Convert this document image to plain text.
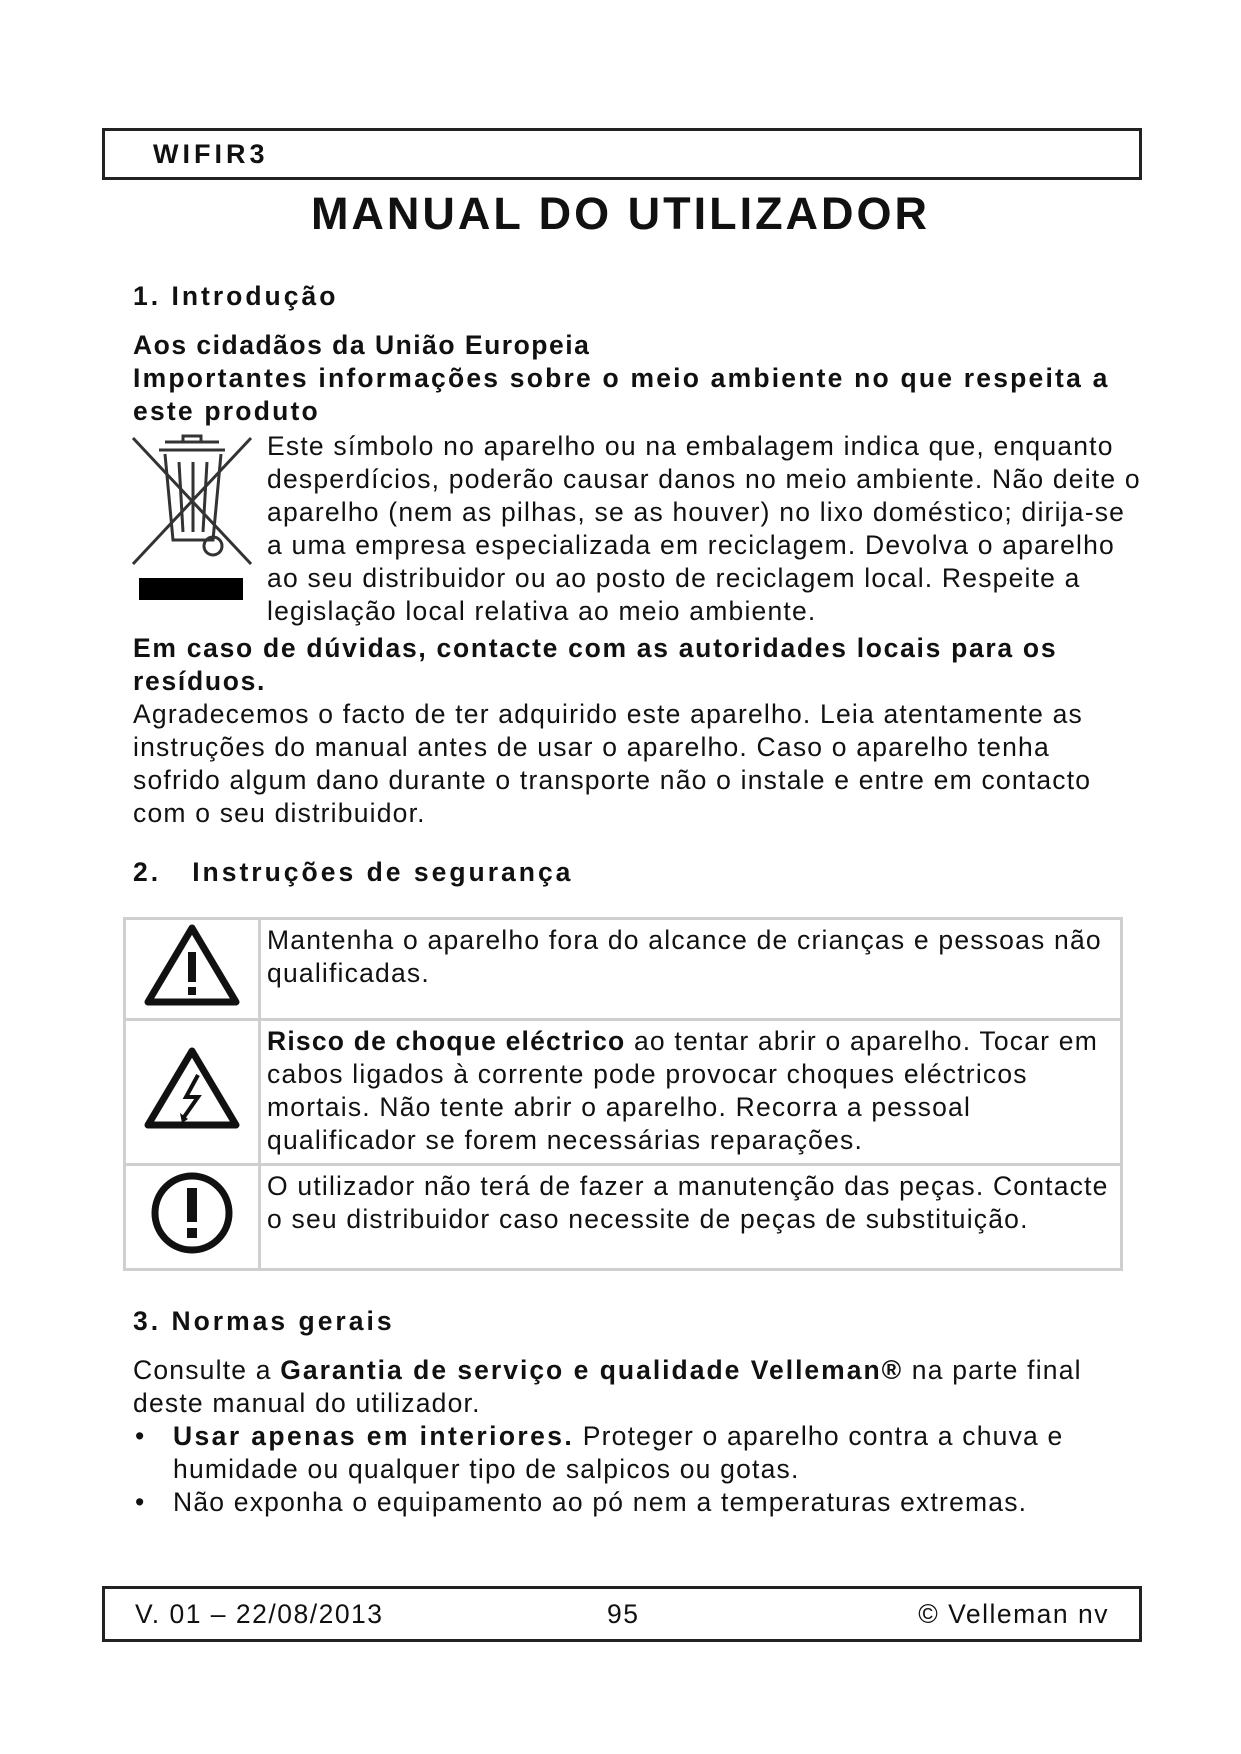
WIFIR3
MANUAL DO UTILIZADOR

1. Introdução

Aos cidadãos da União Europeia

Importantes informações sobre o meio ambiente no que respeita a este produto

Este símbolo no aparelho ou na embalagem indica que, enquanto desperdícios, poderão causar danos no meio ambiente. Não deite o aparelho (nem as pilhas, se as houver) no lixo doméstico; dirija-se a uma empresa especializada em reciclagem. Devolva o aparelho ao seu distribuidor ou ao posto de reciclagem local. Respeite a legislação local relativa ao meio ambiente.

Em caso de dúvidas, contacte com as autoridades locais para os resíduos.

Agradecemos o facto de ter adquirido este aparelho. Leia atentamente as instruções do manual antes de usar o aparelho. Caso o aparelho tenha sofrido algum dano durante o transporte não o instale e entre em contacto com o seu distribuidor.

2.   Instruções de segurança

	Mantenha o aparelho fora do alcance de crianças e pessoas não qualificadas.
	Risco de choque eléctrico ao tentar abrir o aparelho. Tocar em cabos ligados à corrente pode provocar choques eléctricos mortais. Não tente abrir o aparelho. Recorra a pessoal qualificador se forem necessárias reparações.
	O utilizador não terá de fazer a manutenção das peças. Contacte o seu distribuidor caso necessite de peças de substituição.

3. Normas gerais

Consulte a Garantia de serviço e qualidade Velleman® na parte final deste manual do utilizador.

• Usar apenas em interiores. Proteger o aparelho contra a chuva e humidade ou qualquer tipo de salpicos ou gotas.
• Não exponha o equipamento ao pó nem a temperaturas extremas.
V. 01 – 22/08/2013	95	© Velleman nv
